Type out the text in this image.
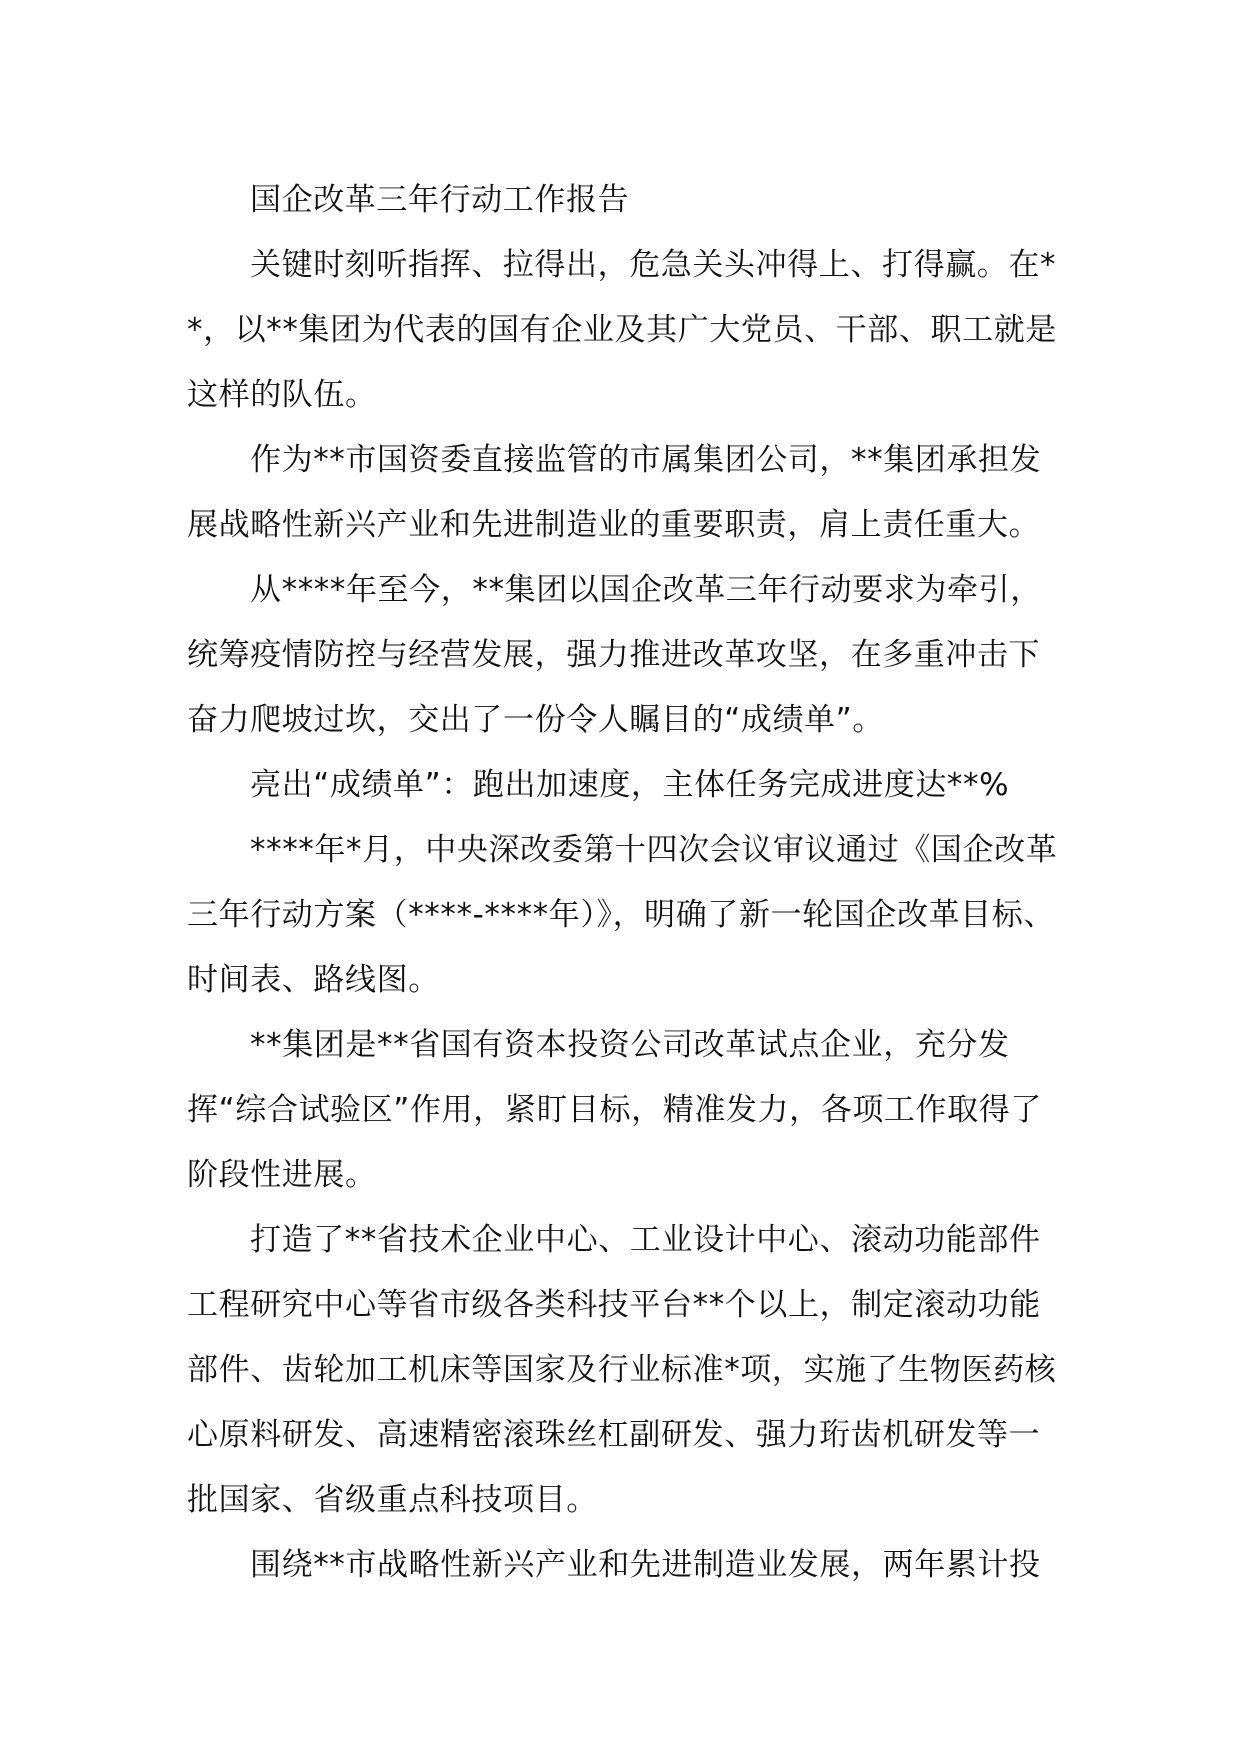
国企改革三年行动工作报告

关键时刻听指挥、拉得出，危急关头冲得上、打得赢。在**，以**集团为代表的国有企业及其广大党员、干部、职工就是这样的队伍。

作为**市国资委直接监管的市属集团公司，**集团承担发展战略性新兴产业和先进制造业的重要职责，肩上责任重大。

从****年至今，**集团以国企改革三年行动要求为牵引，统筹疫情防控与经营发展，强力推进改革攻坚，在多重冲击下奋力爬坡过坎，交出了一份令人瞩目的“成绩单”。

亮出“成绩单”：跑出加速度，主体任务完成进度达**%

****年*月，中央深改委第十四次会议审议通过《国企改革三年行动方案（****-****年）》，明确了新一轮国企改革目标、时间表、路线图。

**集团是**省国有资本投资公司改革试点企业，充分发挥“综合试验区”作用，紧盯目标，精准发力，各项工作取得了阶段性进展。

打造了**省技术企业中心、工业设计中心、滚动功能部件工程研究中心等省市级各类科技平台**个以上，制定滚动功能部件、齿轮加工机床等国家及行业标准*项，实施了生物医药核心原料研发、高速精密滚珠丝杠副研发、强力珩齿机研发等一批国家、省级重点科技项目。

围绕**市战略性新兴产业和先进制造业发展，两年累计投
